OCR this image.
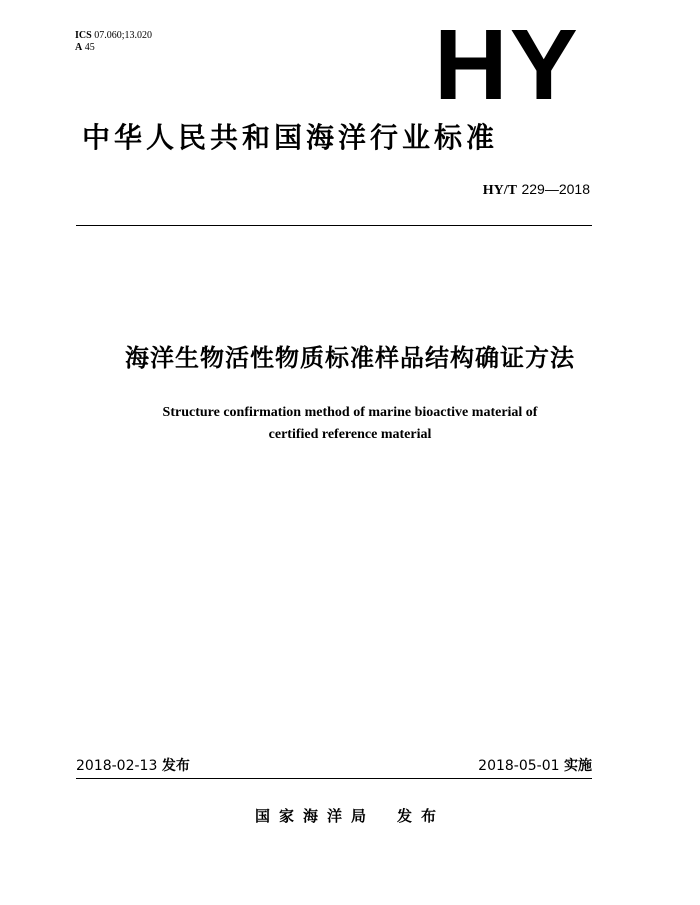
ICS 07.060;13.020
A 45	HY
中华人民共和国海洋行业标准
HY/T 229—2018
海洋生物活性物质标准样品结构确证方法
Structure confirmation method of marine bioactive material of
certified reference material
2018-02-13 发布	2018-05-01 实施
国家海洋局 发布
